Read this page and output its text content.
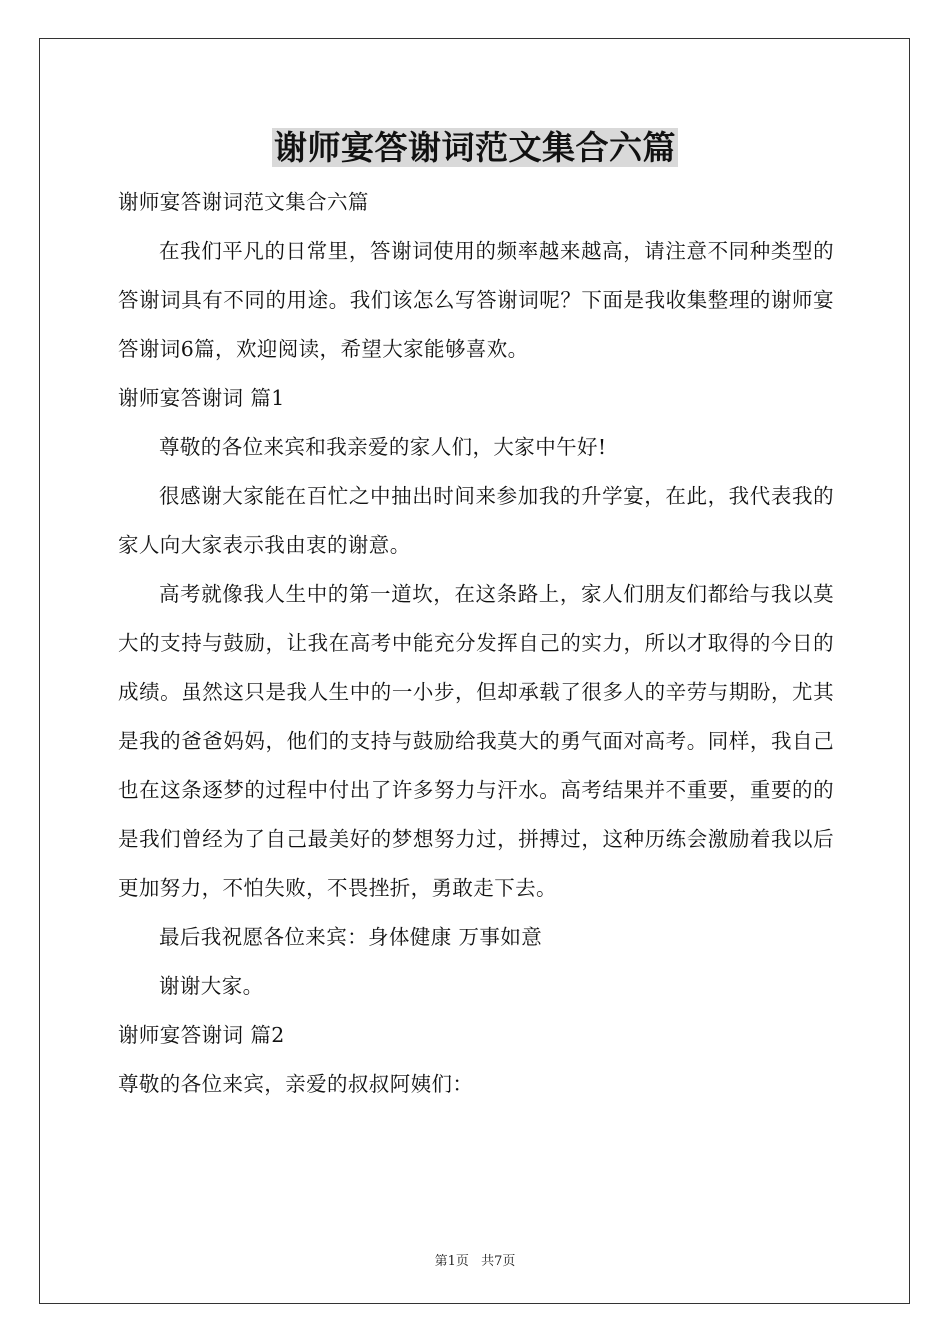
谢师宴答谢词范文集合六篇

谢师宴答谢词范文集合六篇

在我们平凡的日常里，答谢词使用的频率越来越高，请注意不同种类型的答谢词具有不同的用途。我们该怎么写答谢词呢？下面是我收集整理的谢师宴答谢词6篇，欢迎阅读，希望大家能够喜欢。

谢师宴答谢词 篇1

尊敬的各位来宾和我亲爱的家人们，大家中午好!

很感谢大家能在百忙之中抽出时间来参加我的升学宴，在此，我代表我的家人向大家表示我由衷的谢意。

高考就像我人生中的第一道坎，在这条路上，家人们朋友们都给与我以莫大的支持与鼓励，让我在高考中能充分发挥自己的实力，所以才取得的今日的成绩。虽然这只是我人生中的一小步，但却承载了很多人的辛劳与期盼，尤其是我的爸爸妈妈，他们的支持与鼓励给我莫大的勇气面对高考。同样，我自己也在这条逐梦的过程中付出了许多努力与汗水。高考结果并不重要，重要的的是我们曾经为了自己最美好的梦想努力过，拼搏过，这种历练会激励着我以后更加努力，不怕失败，不畏挫折，勇敢走下去。

最后我祝愿各位来宾：身体健康 万事如意

谢谢大家。

谢师宴答谢词 篇2

尊敬的各位来宾，亲爱的叔叔阿姨们：

第1页 共7页
